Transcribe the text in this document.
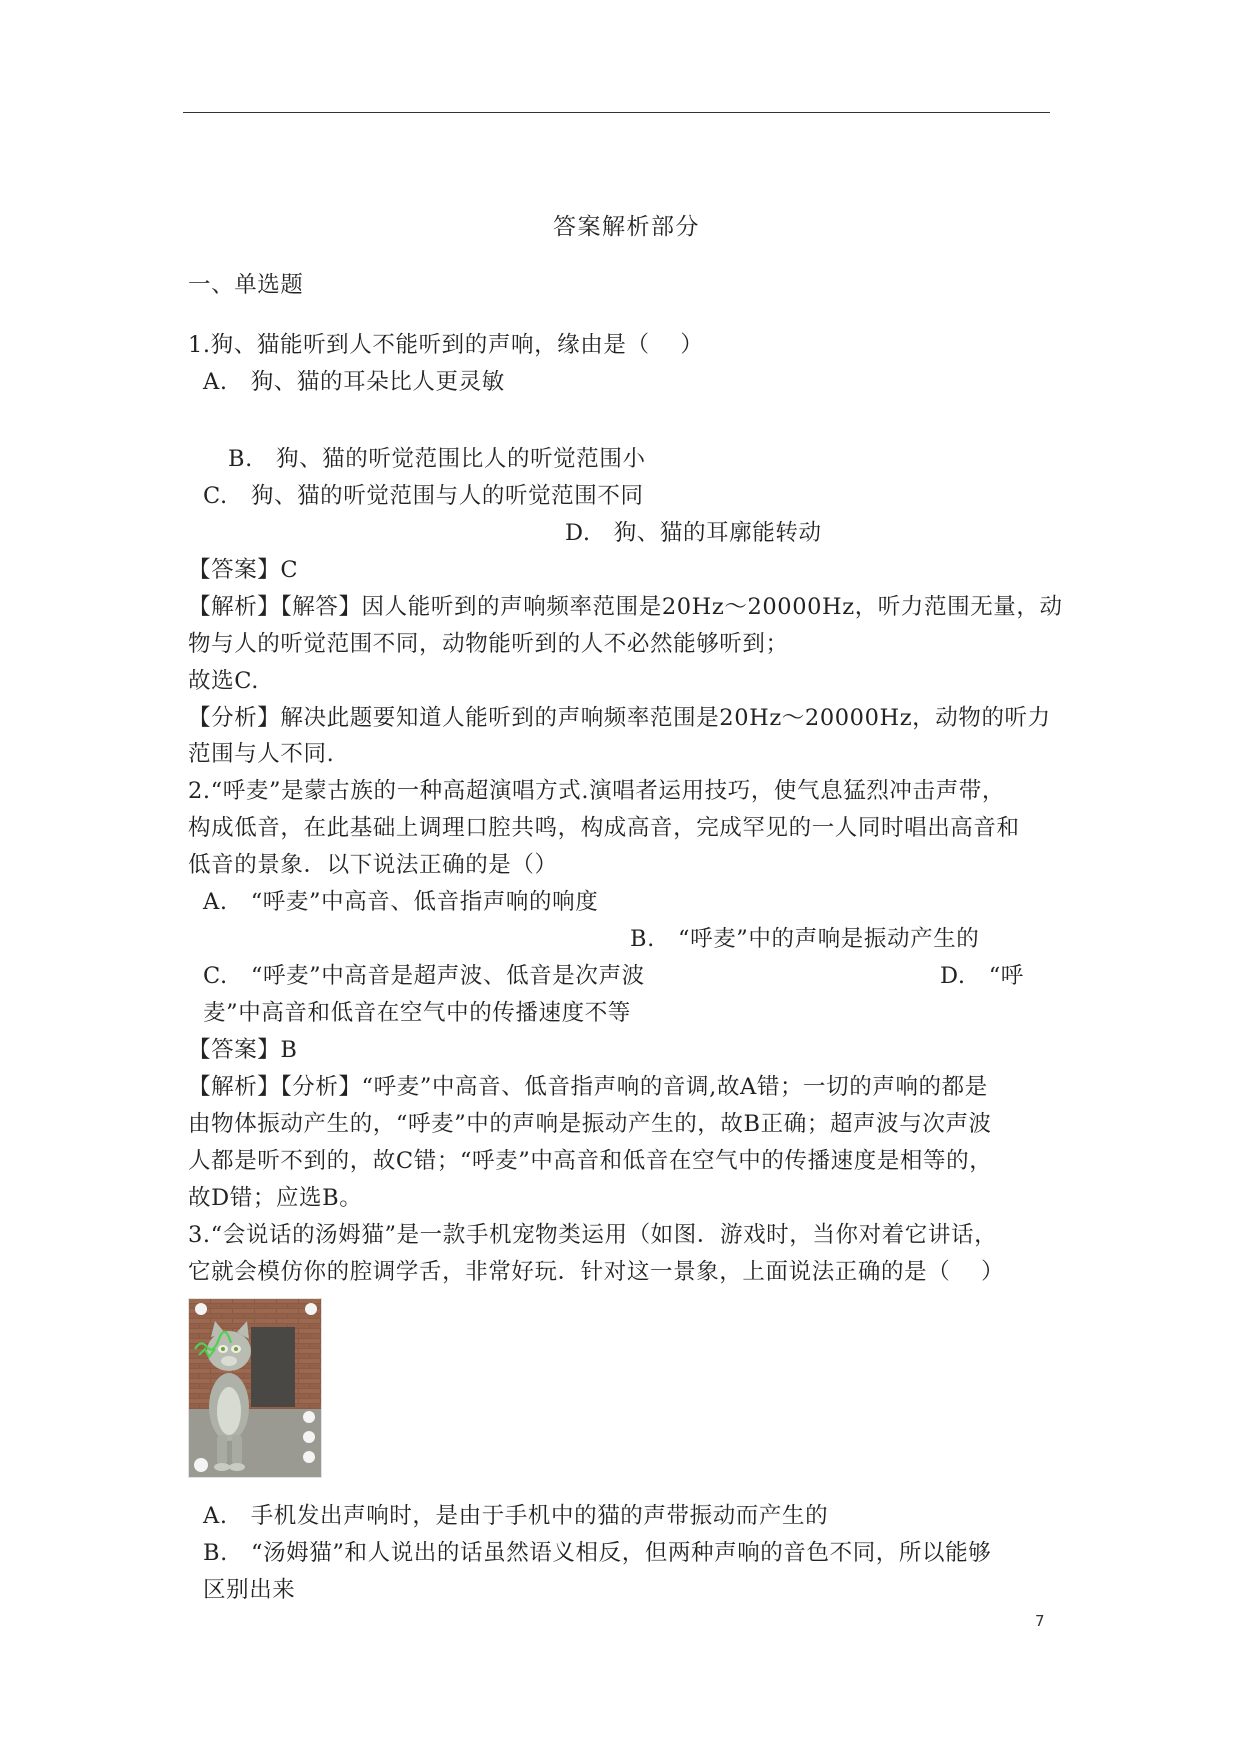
答案解析部分
一、单选题
1.狗、猫能听到人不能听到的声响，缘由是（　 ）
A.　狗、猫的耳朵比人更灵敏
B.　狗、猫的听觉范围比人的听觉范围小
C.　狗、猫的听觉范围与人的听觉范围不同
D.　狗、猫的耳廓能转动
【答案】C
【解析】【解答】因人能听到的声响频率范围是20Hz～20000Hz，听力范围无量，动
物与人的听觉范围不同，动物能听到的人不必然能够听到；
故选C.
【分析】解决此题要知道人能听到的声响频率范围是20Hz～20000Hz，动物的听力
范围与人不同.
2.“呼麦”是蒙古族的一种高超演唱方式.演唱者运用技巧，使气息猛烈冲击声带，
构成低音，在此基础上调理口腔共鸣，构成高音，完成罕见的一人同时唱出高音和
低音的景象．以下说法正确的是（）
A.　“呼麦”中高音、低音指声响的响度
B.　“呼麦”中的声响是振动产生的
C.　“呼麦”中高音是超声波、低音是次声波	D.　“呼
麦”中高音和低音在空气中的传播速度不等
【答案】B
【解析】【分析】“呼麦”中高音、低音指声响的音调,故A错；一切的声响的都是
由物体振动产生的，“呼麦”中的声响是振动产生的，故B正确；超声波与次声波
人都是听不到的，故C错；“呼麦”中高音和低音在空气中的传播速度是相等的，
故D错；应选B。
3.“会说话的汤姆猫”是一款手机宠物类运用（如图．游戏时，当你对着它讲话，
它就会模仿你的腔调学舌，非常好玩．针对这一景象，上面说法正确的是（　 ）
A.　手机发出声响时，是由于手机中的猫的声带振动而产生的
B.　“汤姆猫”和人说出的话虽然语义相反，但两种声响的音色不同，所以能够
区别出来
7
